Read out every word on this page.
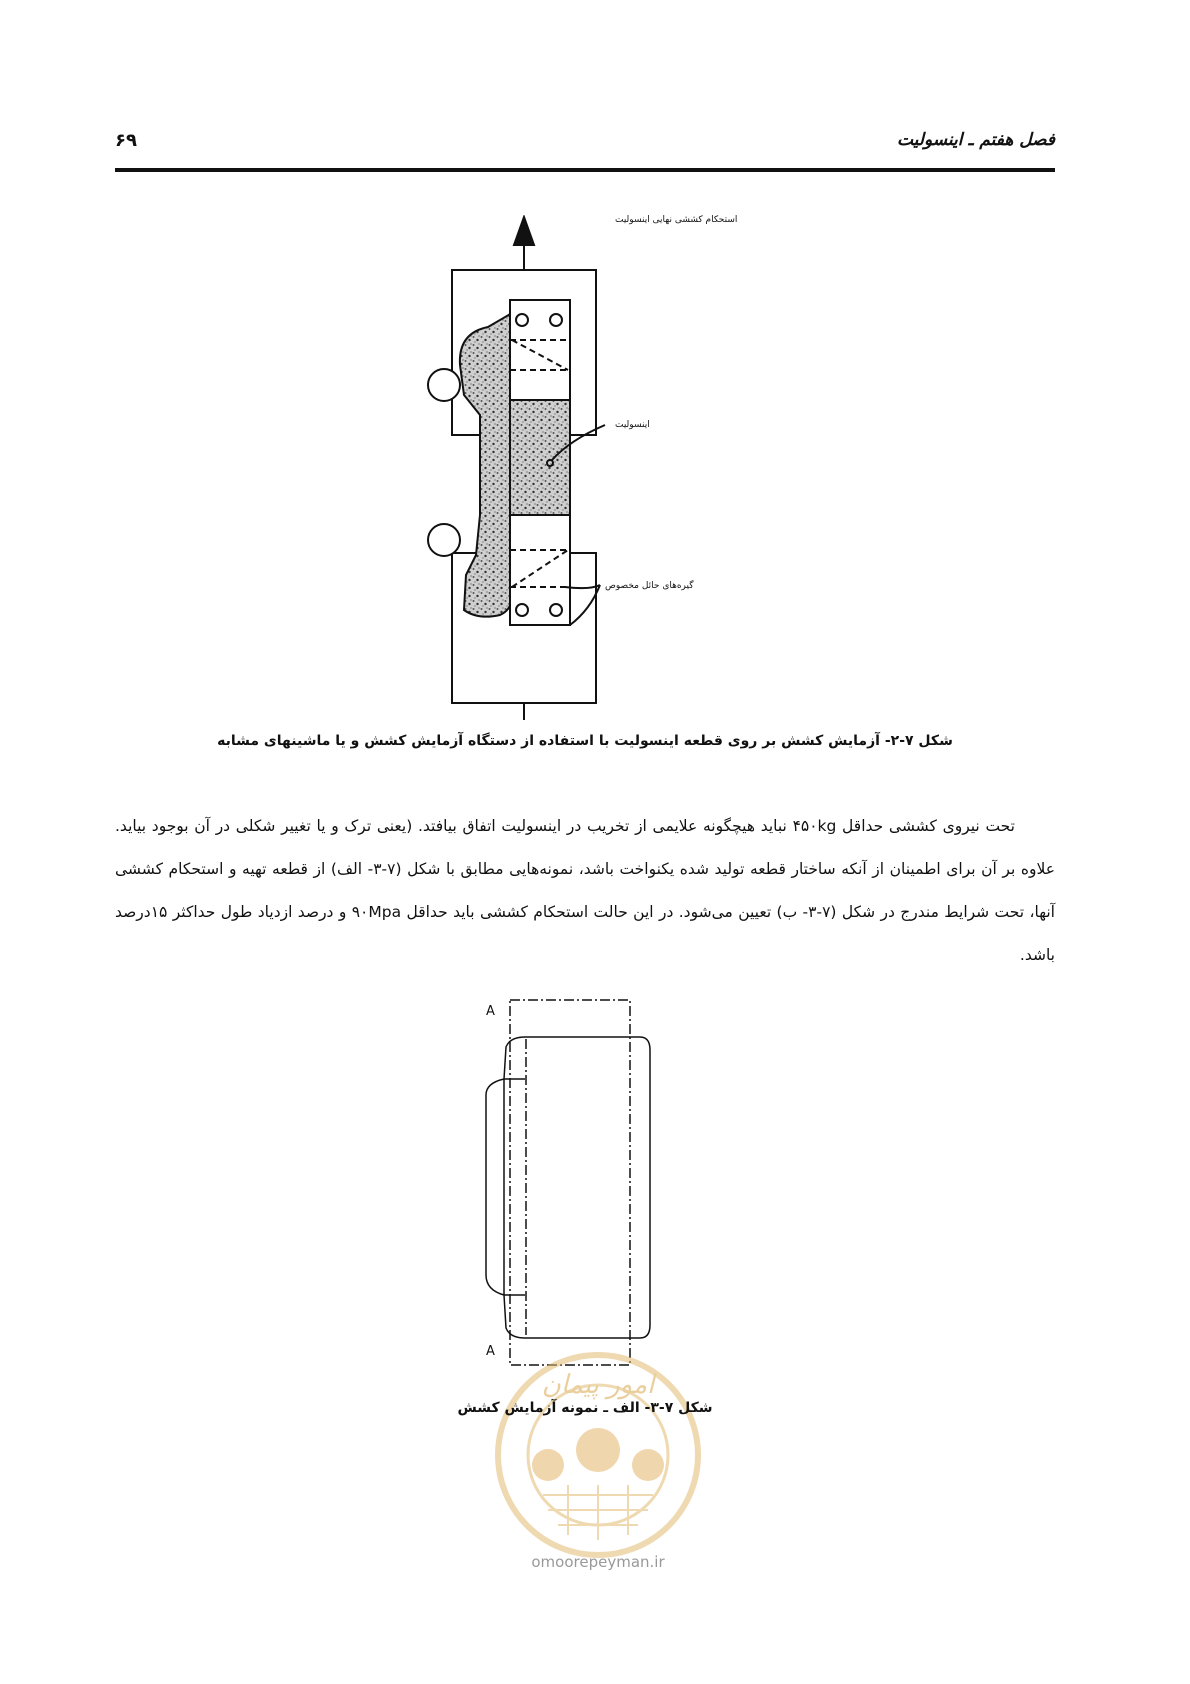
فصل هفتم ـ اینسولیت
۶۹
استحکام کششی نهایی اینسولیت
اینسولیت
گیره‌های حائل مخصوص
شکل ۷-۲- آزمایش کشش بر روی قطعه اینسولیت با استفاده از دستگاه آزمایش کشش و یا ماشینهای مشابه

تحت نیروی کششی حداقل ۴۵۰kg نباید هیچگونه علایمی از تخریب در اینسولیت اتفاق بیافتد. (یعنی ترک و یا تغییر شکلی در آن بوجود بیاید. علاوه بر آن برای اطمینان از آنکه ساختار قطعه تولید شده یکنواخت باشد، نمونه‌هایی مطابق با شکل (۷-۳- الف) از قطعه تهیه و استحکام کششی آنها، تحت شرایط مندرج در شکل (۷-۳- ب) تعیین می‌شود. در این حالت استحکام کششی باید حداقل ۹۰Mpa و درصد ازدیاد طول حداکثر ۱۵درصد باشد.

A
A
امور پیمان
شکل ۷-۳- الف ـ نمونه آزمایش کشش
omoorepeyman.ir
